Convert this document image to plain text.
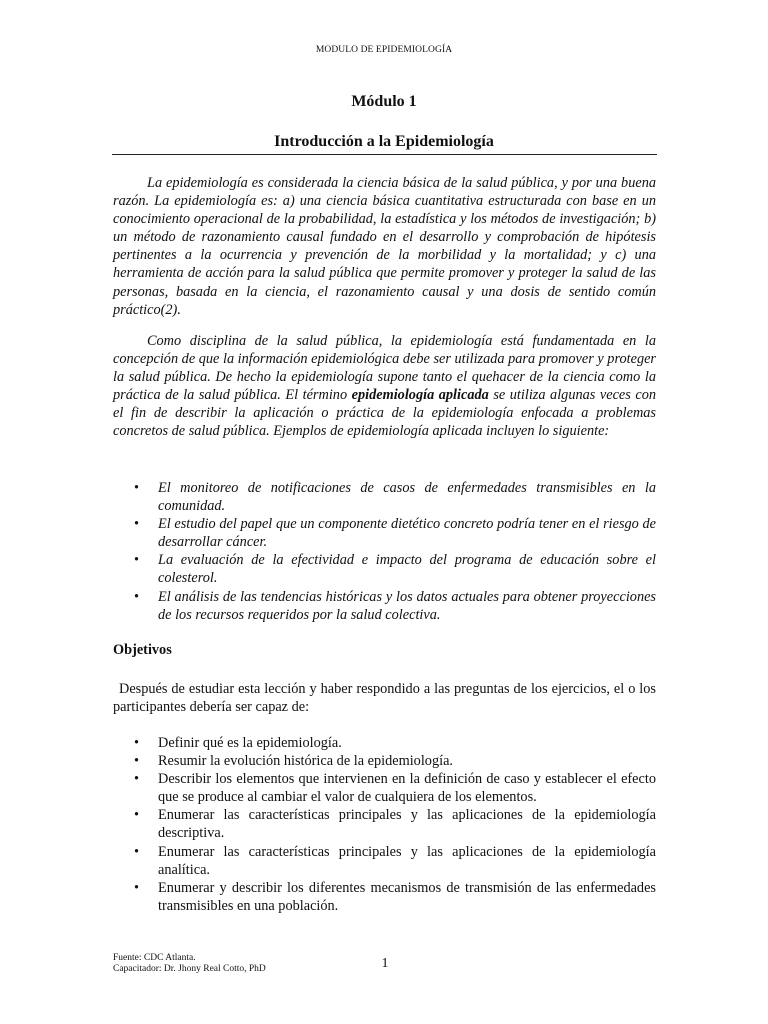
MODULO DE EPIDEMIOLOGÍA
Módulo 1
Introducción a la Epidemiología

La epidemiología es considerada la ciencia básica de la salud pública, y por una buena razón. La epidemiología es: a) una ciencia básica cuantitativa estructurada con base en un conocimiento operacional de la probabilidad, la estadística y los métodos de investigación; b) un método de razonamiento causal fundado en el desarrollo y comprobación de hipótesis pertinentes a la ocurrencia y prevención de la morbilidad y la mortalidad; y c) una herramienta de acción para la salud pública que permite promover y proteger la salud de las personas, basada en la ciencia, el razonamiento causal y una dosis de sentido común práctico(2).

Como disciplina de la salud pública, la epidemiología está fundamentada en la concepción de que la información epidemiológica debe ser utilizada para promover y proteger la salud pública. De hecho la epidemiología supone tanto el quehacer de la ciencia como la práctica de la salud pública. El término epidemiología aplicada se utiliza algunas veces con el fin de describir la aplicación o práctica de la epidemiología enfocada a problemas concretos de salud pública. Ejemplos de epidemiología aplicada incluyen lo siguiente:

• El monitoreo de notificaciones de casos de enfermedades transmisibles en la comunidad.
• El estudio del papel que un componente dietético concreto podría tener en el riesgo de desarrollar cáncer.
• La evaluación de la efectividad e impacto del programa de educación sobre el colesterol.
• El análisis de las tendencias históricas y los datos actuales para obtener proyecciones de los recursos requeridos por la salud colectiva.
Objetivos

Después de estudiar esta lección y haber respondido a las preguntas de los ejercicios, el o los participantes debería ser capaz de:

• Definir qué es la epidemiología.
• Resumir la evolución histórica de la epidemiología.
• Describir los elementos que intervienen en la definición de caso y establecer el efecto que se produce al cambiar el valor de cualquiera de los elementos.
• Enumerar las características principales y las aplicaciones de la epidemiología descriptiva.
• Enumerar las características principales y las aplicaciones de la epidemiología analítica.
• Enumerar y describir los diferentes mecanismos de transmisión de las enfermedades transmisibles en una población.
Fuente: CDC Atlanta.
Capacitador: Dr. Jhony Real Cotto, PhD	1
